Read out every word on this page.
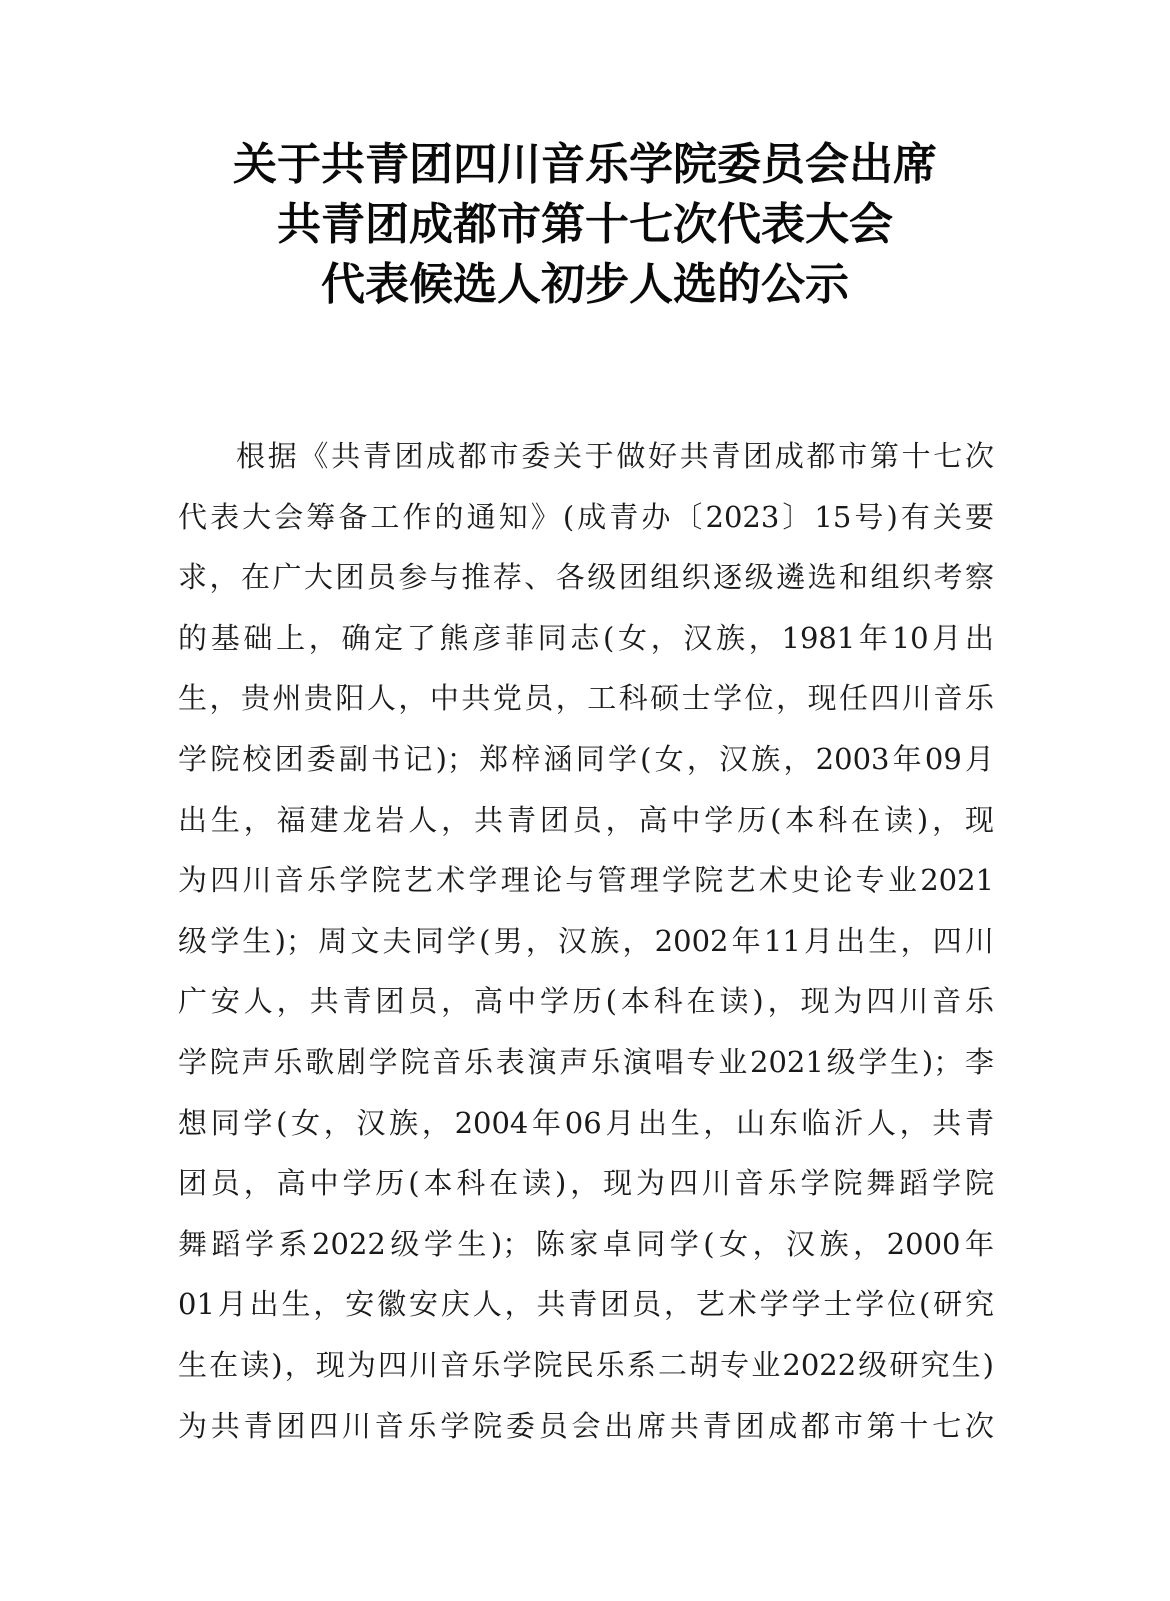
关于共青团四川音乐学院委员会出席
共青团成都市第十七次代表大会
代表候选人初步人选的公示
根据《共青团成都市委关于做好共青团成都市第十七次
代表大会筹备工作的通知》(成青办〔2023〕15号)有关要
求，在广大团员参与推荐、各级团组织逐级遴选和组织考察
的基础上，确定了熊彦菲同志(女，汉族，1981年10月出
生，贵州贵阳人，中共党员，工科硕士学位，现任四川音乐
学院校团委副书记)；郑梓涵同学(女，汉族，2003年09月
出生，福建龙岩人，共青团员，高中学历(本科在读)，现
为四川音乐学院艺术学理论与管理学院艺术史论专业2021
级学生)；周文夫同学(男，汉族，2002年11月出生，四川
广安人，共青团员，高中学历(本科在读)，现为四川音乐
学院声乐歌剧学院音乐表演声乐演唱专业2021级学生)；李
想同学(女，汉族，2004年06月出生，山东临沂人，共青
团员，高中学历(本科在读)，现为四川音乐学院舞蹈学院
舞蹈学系2022级学生)；陈家卓同学(女，汉族，2000年
01月出生，安徽安庆人，共青团员，艺术学学士学位(研究
生在读)，现为四川音乐学院民乐系二胡专业2022级研究生)
为共青团四川音乐学院委员会出席共青团成都市第十七次
